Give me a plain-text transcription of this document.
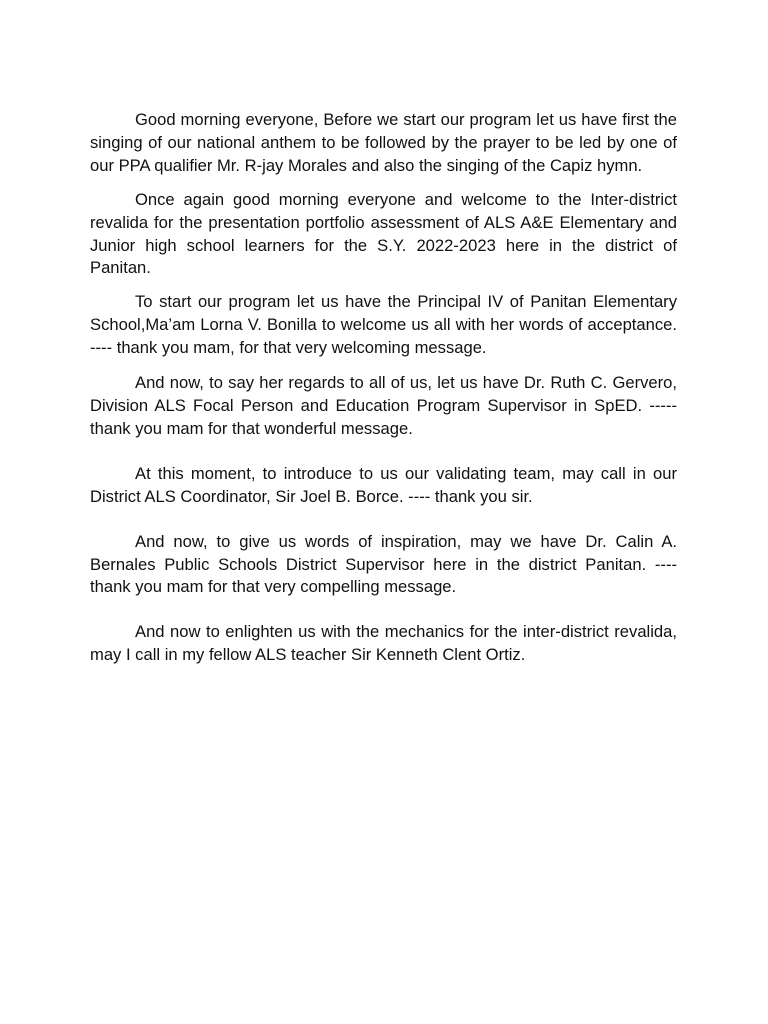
Good morning everyone, Before we start our program let us have first the singing of our national anthem to be followed by the prayer to be led by one of our PPA qualifier Mr. R-jay Morales and also the singing of the Capiz hymn.

Once again good morning everyone and welcome to the Inter-district revalida for the presentation portfolio assessment of ALS A&E Elementary and Junior high school learners for the S.Y. 2022-2023 here in the district of Panitan.

To start our program let us have the Principal IV of Panitan Elementary School,Ma’am Lorna V. Bonilla to welcome us all with her words of acceptance. ---- thank you mam, for that very welcoming message.

And now, to say her regards to all of us, let us have Dr. Ruth C. Gervero, Division ALS Focal Person and Education Program Supervisor in SpED. ----- thank you mam for that wonderful message.

At this moment, to introduce to us our validating team, may call in our District ALS Coordinator, Sir Joel B. Borce. ---- thank you sir.

And now, to give us words of inspiration, may we have Dr. Calin A. Bernales Public Schools District Supervisor here in the district Panitan. ---- thank you mam for that very compelling message.

And now to enlighten us with the mechanics for the inter-district revalida, may I call in my fellow ALS teacher Sir Kenneth Clent Ortiz.
